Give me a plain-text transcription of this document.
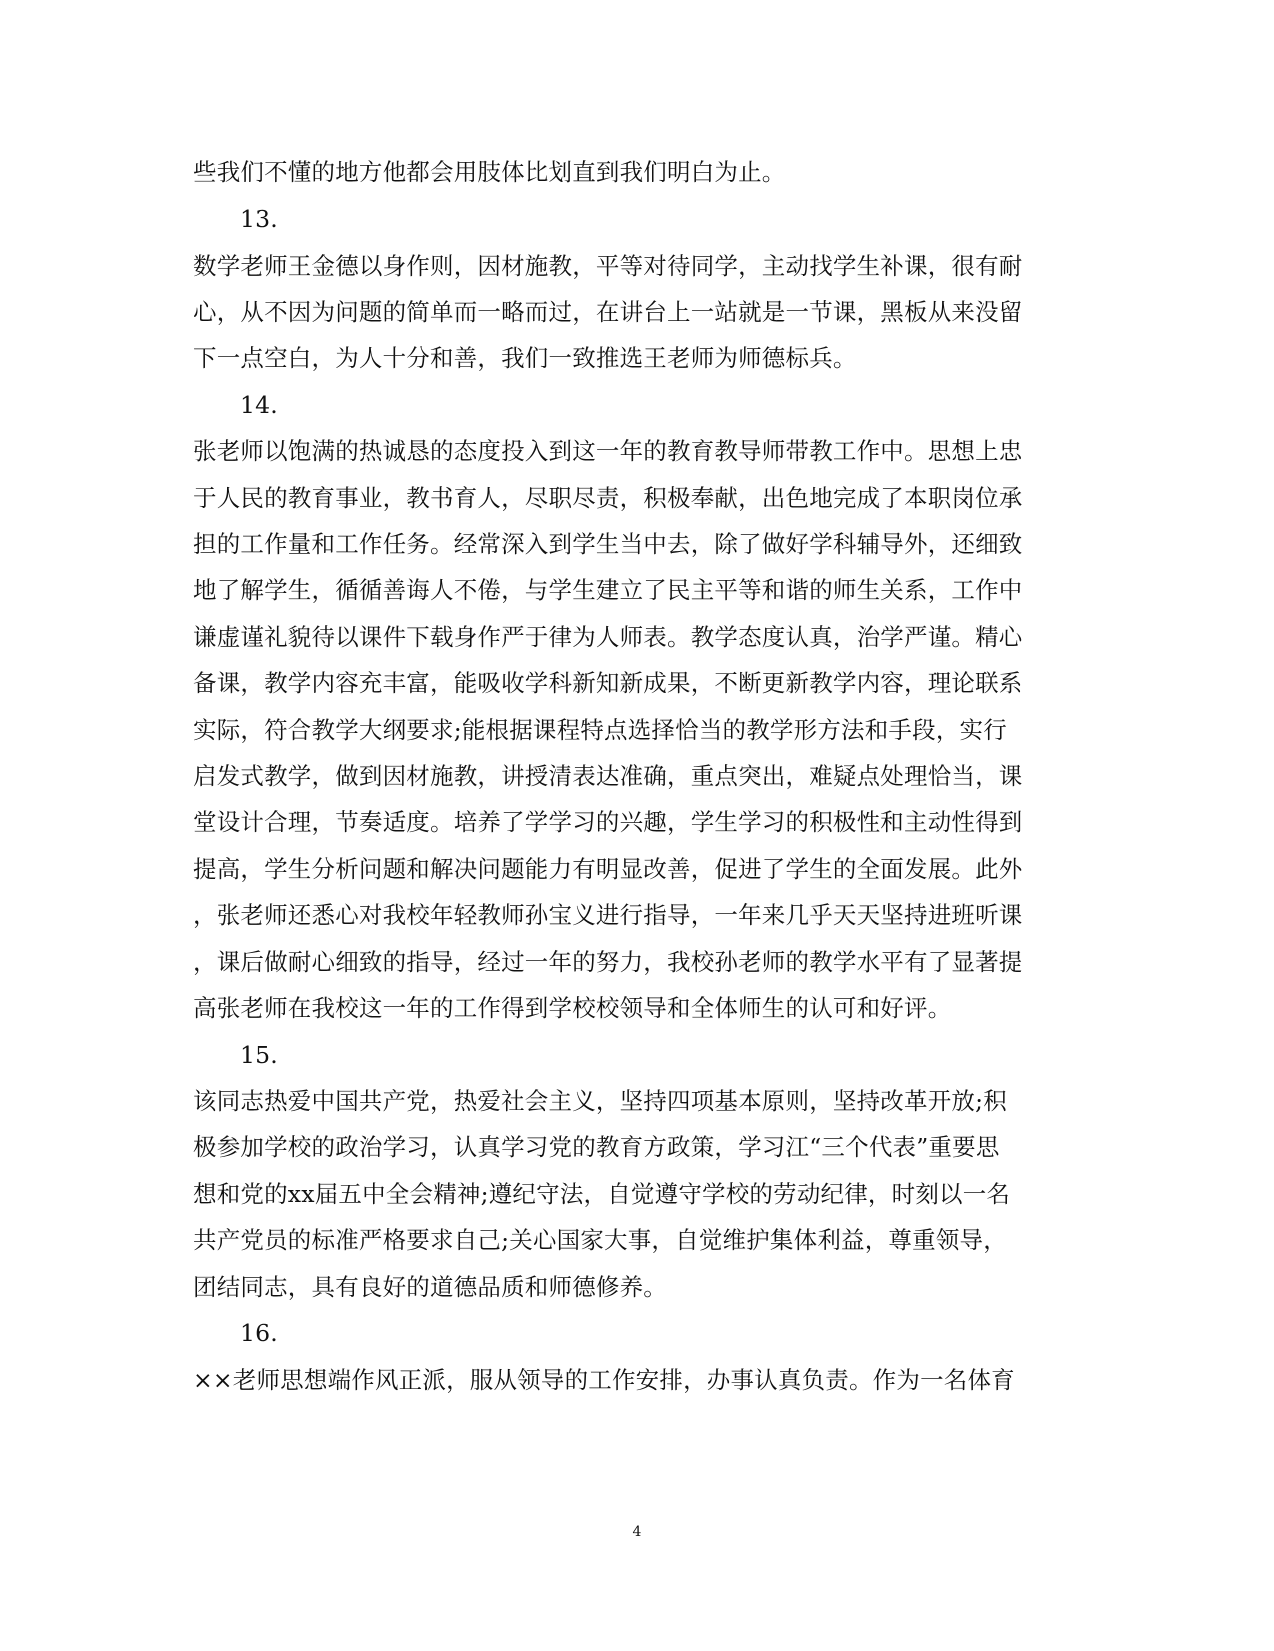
些我们不懂的地方他都会用肢体比划直到我们明白为止。
13.
数学老师王金德以身作则，因材施教，平等对待同学，主动找学生补课，很有耐
心，从不因为问题的简单而一略而过，在讲台上一站就是一节课，黑板从来没留
下一点空白，为人十分和善，我们一致推选王老师为师德标兵。
14.
张老师以饱满的热诚恳的态度投入到这一年的教育教导师带教工作中。思想上忠
于人民的教育事业，教书育人，尽职尽责，积极奉献，出色地完成了本职岗位承
担的工作量和工作任务。经常深入到学生当中去，除了做好学科辅导外，还细致
地了解学生，循循善诲人不倦，与学生建立了民主平等和谐的师生关系，工作中
谦虚谨礼貌待以课件下载身作严于律为人师表。教学态度认真，治学严谨。精心
备课，教学内容充丰富，能吸收学科新知新成果，不断更新教学内容，理论联系
实际，符合教学大纲要求;能根据课程特点选择恰当的教学形方法和手段，实行
启发式教学，做到因材施教，讲授清表达准确，重点突出，难疑点处理恰当，课
堂设计合理，节奏适度。培养了学学习的兴趣，学生学习的积极性和主动性得到
提高，学生分析问题和解决问题能力有明显改善，促进了学生的全面发展。此外
，张老师还悉心对我校年轻教师孙宝义进行指导，一年来几乎天天坚持进班听课
，课后做耐心细致的指导，经过一年的努力，我校孙老师的教学水平有了显著提
高张老师在我校这一年的工作得到学校校领导和全体师生的认可和好评。
15.
该同志热爱中国共产党，热爱社会主义，坚持四项基本原则，坚持改革开放;积
极参加学校的政治学习，认真学习党的教育方政策，学习江“三个代表”重要思
想和党的xx届五中全会精神;遵纪守法，自觉遵守学校的劳动纪律，时刻以一名
共产党员的标准严格要求自己;关心国家大事，自觉维护集体利益，尊重领导，
团结同志，具有良好的道德品质和师德修养。
16.
××老师思想端作风正派，服从领导的工作安排，办事认真负责。作为一名体育
4
